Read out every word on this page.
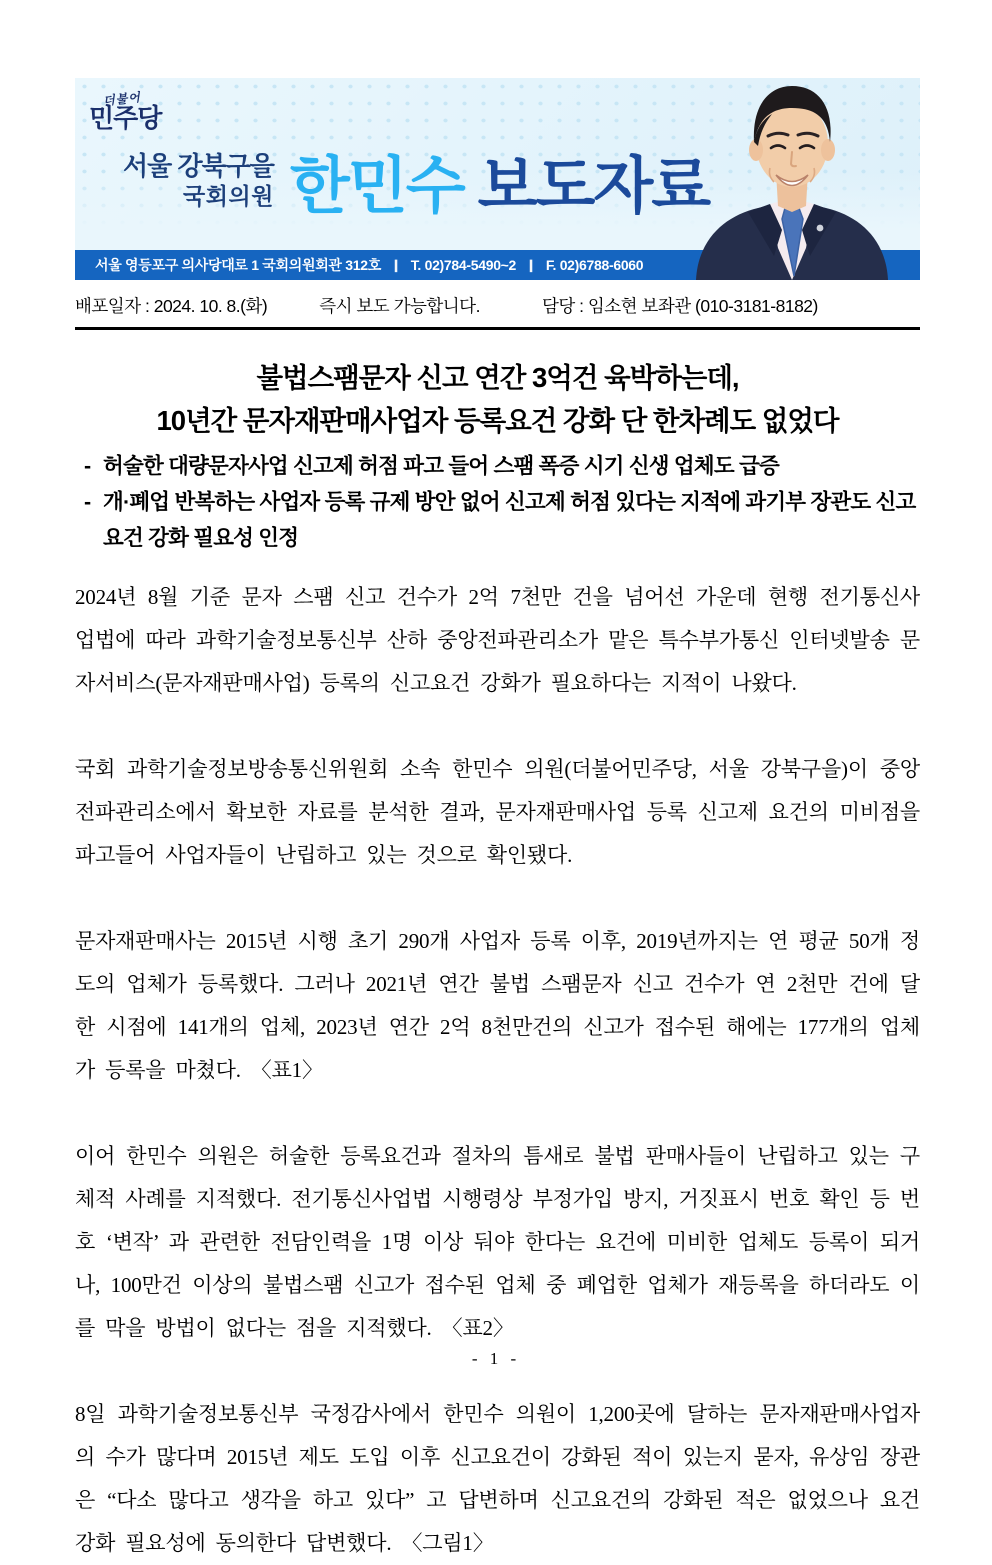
더불어
민주당
서울 강북구을
국회의원 한민수 보도자료
서울 영등포구 의사당대로 1 국회의원회관 312호 ❙ T. 02)784-5490~2 ❙ F. 02)6788-6060
배포일자 : 2024. 10. 8.(화)	즉시 보도 가능합니다.	담당 : 임소현 보좌관 (010-3181-8182)
불법스팸문자 신고 연간 3억건 육박하는데,
10년간 문자재판매사업자 등록요건 강화 단 한차례도 없었다
- 허술한 대량문자사업 신고제 허점 파고 들어 스팸 폭증 시기 신생 업체도 급증
- 개·폐업 반복하는 사업자 등록 규제 방안 없어 신고제 허점 있다는 지적에 과기부 장관도 신고요건 강화 필요성 인정

2024년 8월 기준 문자 스팸 신고 건수가 2억 7천만 건을 넘어선 가운데 현행 전기통신사업법에 따라 과학기술정보통신부 산하 중앙전파관리소가 맡은 특수부가통신 인터넷발송 문자서비스(문자재판매사업) 등록의 신고요건 강화가 필요하다는 지적이 나왔다.

국회 과학기술정보방송통신위원회 소속 한민수 의원(더불어민주당, 서울 강북구을)이 중앙전파관리소에서 확보한 자료를 분석한 결과, 문자재판매사업 등록 신고제 요건의 미비점을 파고들어 사업자들이 난립하고 있는 것으로 확인됐다.

문자재판매사는 2015년 시행 초기 290개 사업자 등록 이후, 2019년까지는 연 평균 50개 정도의 업체가 등록했다. 그러나 2021년 연간 불법 스팸문자 신고 건수가 연 2천만 건에 달한 시점에 141개의 업체, 2023년 연간 2억 8천만건의 신고가 접수된 해에는 177개의 업체가 등록을 마쳤다. 〈표1〉

이어 한민수 의원은 허술한 등록요건과 절차의 틈새로 불법 판매사들이 난립하고 있는 구체적 사례를 지적했다. 전기통신사업법 시행령상 부정가입 방지, 거짓표시 번호 확인 등 번호 ‘변작’ 과 관련한 전담인력을 1명 이상 둬야 한다는 요건에 미비한 업체도 등록이 되거나, 100만건 이상의 불법스팸 신고가 접수된 업체 중 폐업한 업체가 재등록을 하더라도 이를 막을 방법이 없다는 점을 지적했다. 〈표2〉

8일 과학기술정보통신부 국정감사에서 한민수 의원이 1,200곳에 달하는 문자재판매사업자의 수가 많다며 2015년 제도 도입 이후 신고요건이 강화된 적이 있는지 묻자, 유상임 장관은 “다소 많다고 생각을 하고 있다” 고 답변하며 신고요건의 강화된 적은 없었으나 요건 강화 필요성에 동의한다 답변했다. 〈그림1〉

- 1 -
